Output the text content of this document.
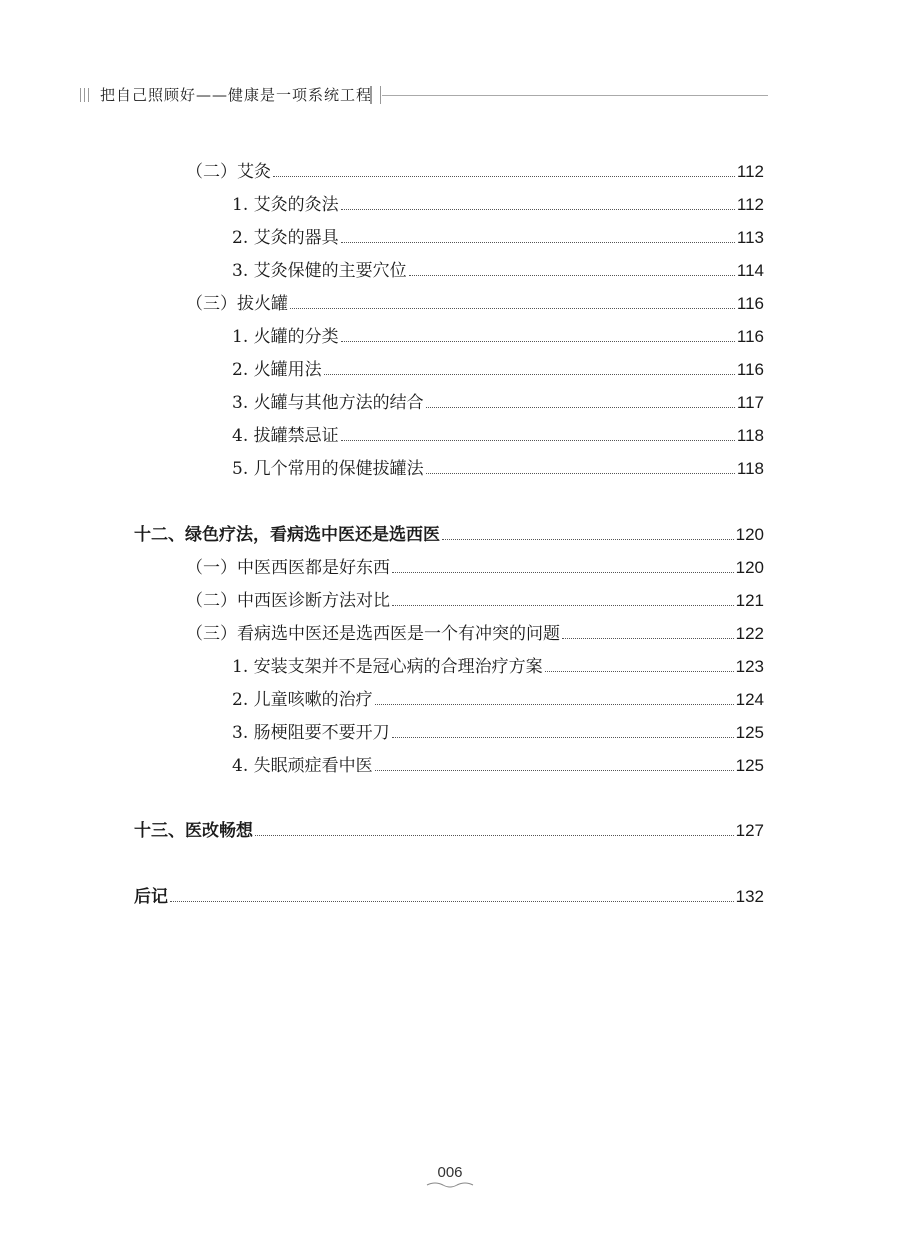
把自己照顾好——健康是一项系统工程
（二）艾灸	112
1. 艾灸的灸法	112
2. 艾灸的器具	113
3. 艾灸保健的主要穴位	114
（三）拔火罐	116
1. 火罐的分类	116
2. 火罐用法	116
3. 火罐与其他方法的结合	117
4. 拔罐禁忌证	118
5. 几个常用的保健拔罐法	118
十二、绿色疗法，看病选中医还是选西医	120
（一）中医西医都是好东西	120
（二）中西医诊断方法对比	121
（三）看病选中医还是选西医是一个有冲突的问题	122
1. 安装支架并不是冠心病的合理治疗方案	123
2. 儿童咳嗽的治疗	124
3. 肠梗阻要不要开刀	125
4. 失眠顽症看中医	125
十三、医改畅想	127
后记	132
006
